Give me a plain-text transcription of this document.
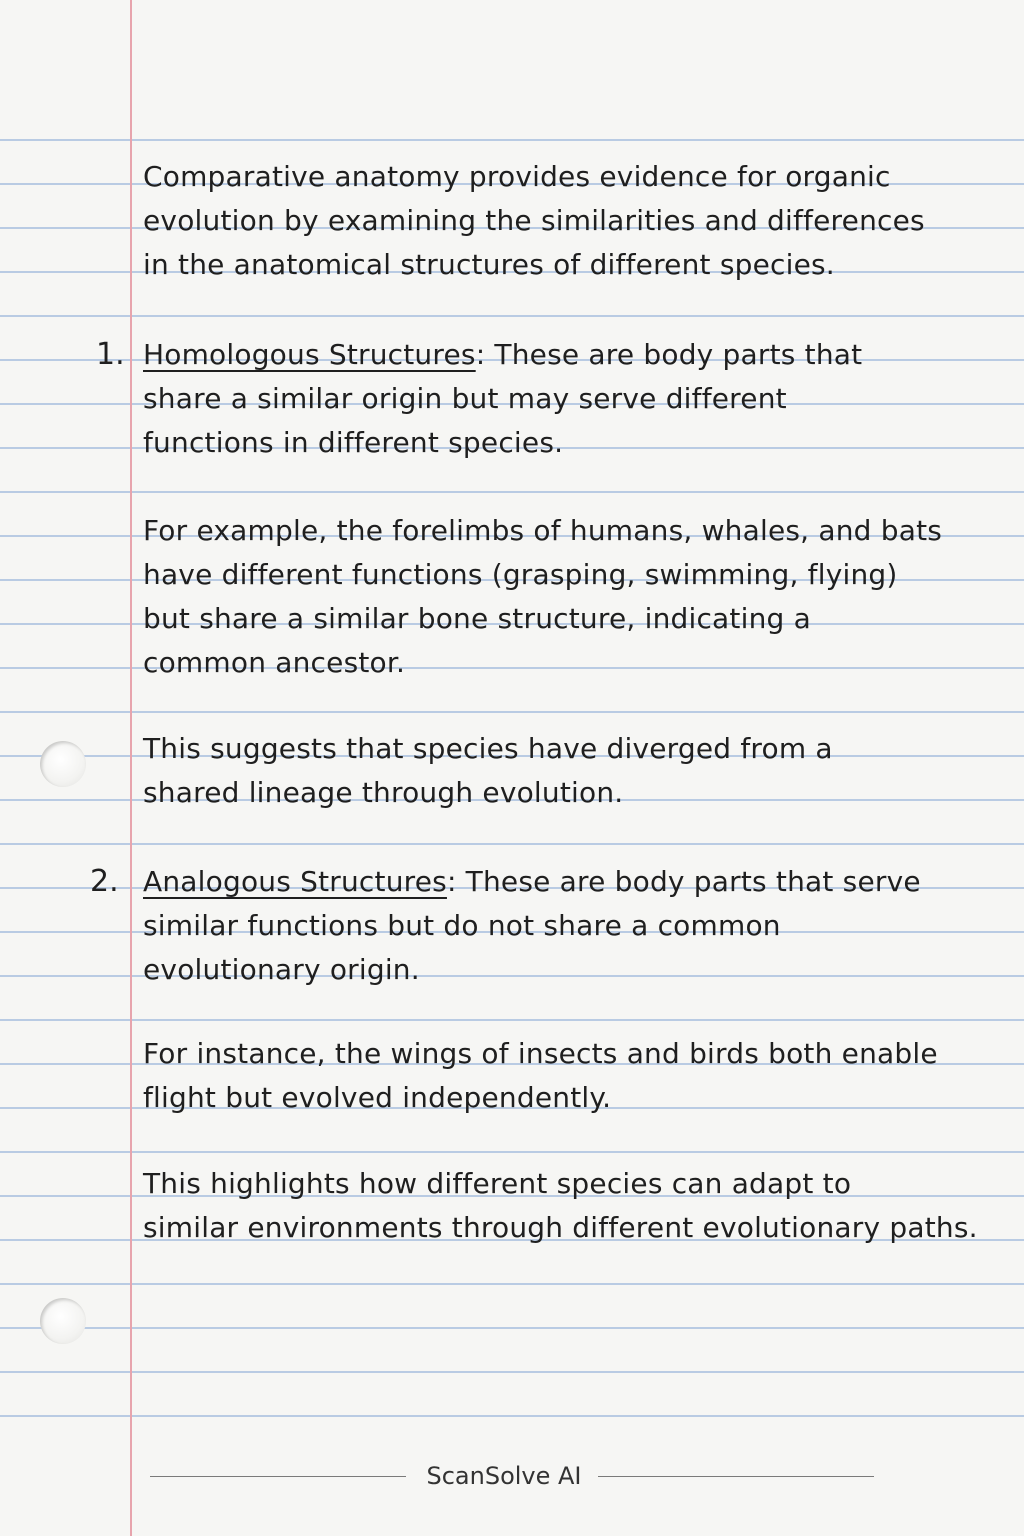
Comparative anatomy provides evidence for organic
evolution by examining the similarities and differences
in the anatomical structures of different species.
1. Homologous Structures: These are body parts that
share a similar origin but may serve different
functions in different species.
For example, the forelimbs of humans, whales, and bats
have different functions (grasping, swimming, flying)
but share a similar bone structure, indicating a
common ancestor.
This suggests that species have diverged from a
shared lineage through evolution.
2. Analogous Structures: These are body parts that serve
similar functions but do not share a common
evolutionary origin.
For instance, the wings of insects and birds both enable
flight but evolved independently.
This highlights how different species can adapt to
similar environments through different evolutionary paths.
ScanSolve AI
